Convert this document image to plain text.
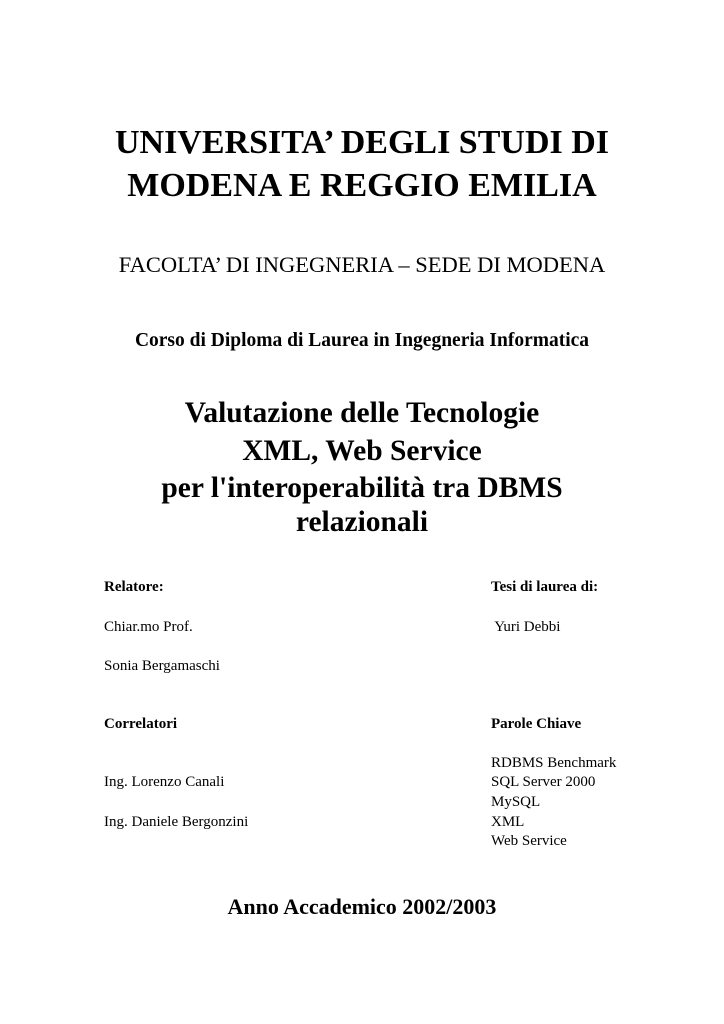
UNIVERSITA’ DEGLI STUDI DI
MODENA E REGGIO EMILIA
FACOLTA’ DI INGEGNERIA – SEDE DI MODENA
Corso di Diploma di Laurea in Ingegneria Informatica
Valutazione delle Tecnologie
XML, Web Service
per l'interoperabilità tra DBMS
relazionali
Relatore:
Chiar.mo Prof.
Sonia Bergamaschi
Correlatori
Ing. Lorenzo Canali
Ing. Daniele Bergonzini
Tesi di laurea di:
Yuri Debbi
Parole Chiave
RDBMS Benchmark
SQL Server 2000
MySQL
XML
Web Service
Anno Accademico 2002/2003
